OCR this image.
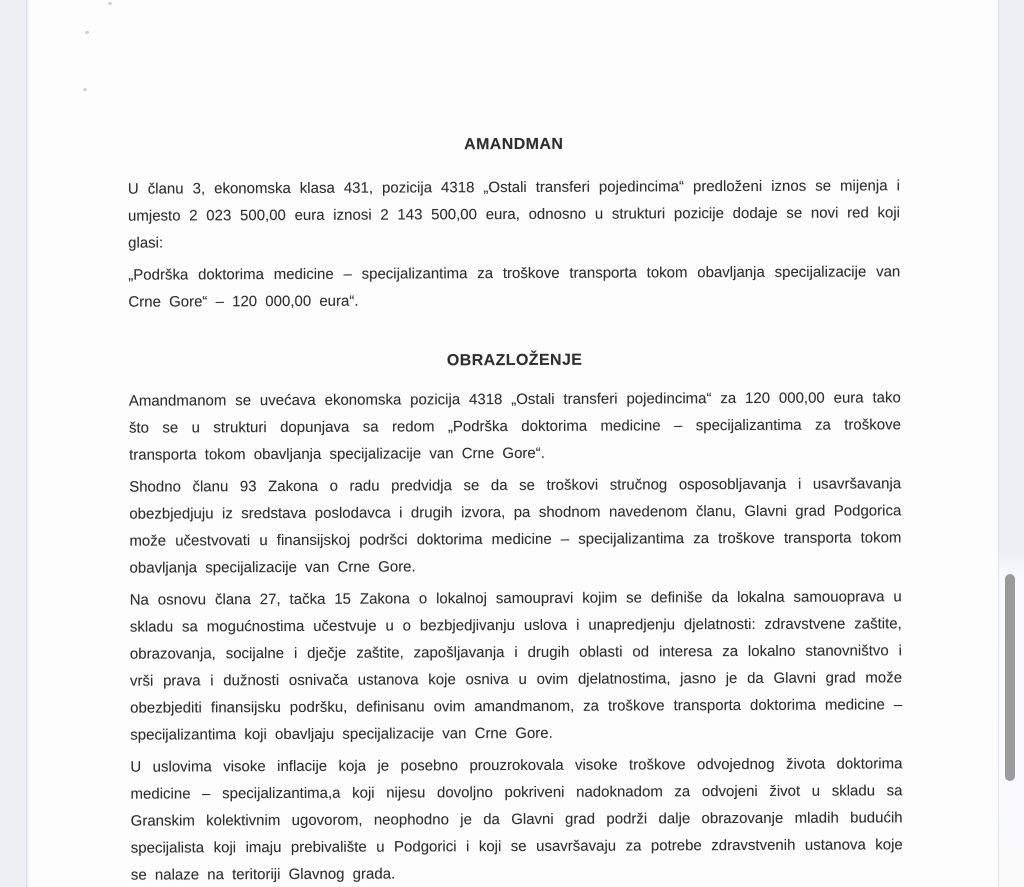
AMANDMAN

U članu 3, ekonomska klasa 431, pozicija 4318 „Ostali transferi pojedincima“ predloženi iznos se mijenja i umjesto 2 023 500,00 eura iznosi 2 143 500,00 eura, odnosno u strukturi pozicije dodaje se novi red koji glasi:

„Podrška doktorima medicine – specijalizantima za troškove transporta tokom obavljanja specijalizacije van Crne Gore“ – 120 000,00 eura“.

OBRAZLOŽENJE

Amandmanom se uvećava ekonomska pozicija 4318 „Ostali transferi pojedincima“ za 120 000,00 eura tako što se u strukturi dopunjava sa redom „Podrška doktorima medicine – specijalizantima za troškove transporta tokom obavljanja specijalizacije van Crne Gore“.

Shodno članu 93 Zakona o radu predvidja se da se troškovi stručnog osposobljavanja i usavršavanja obezbjedjuju iz sredstava poslodavca i drugih izvora, pa shodnom navedenom članu, Glavni grad Podgorica može učestvovati u finansijskoj podršci doktorima medicine – specijalizantima za troškove transporta tokom obavljanja specijalizacije van Crne Gore.

Na osnovu člana 27, tačka 15 Zakona o lokalnoj samoupravi kojim se definiše da lokalna samouoprava u skladu sa mogućnostima učestvuje u o bezbjedjivanju uslova i unapredjenju djelatnosti: zdravstvene zaštite, obrazovanja, socijalne i dječje zaštite, zapošljavanja i drugih oblasti od interesa za lokalno stanovništvo i vrši prava i dužnosti osnivača ustanova koje osniva u ovim djelatnostima, jasno je da Glavni grad može obezbjediti finansijsku podršku, definisanu ovim amandmanom, za troškove transporta doktorima medicine – specijalizantima koji obavljaju specijalizacije van Crne Gore.

U uslovima visoke inflacije koja je posebno prouzrokovala visoke troškove odvojednog života doktorima medicine – specijalizantima,a koji nijesu dovoljno pokriveni nadoknadom za odvojeni život u skladu sa Granskim kolektivnim ugovorom, neophodno je da Glavni grad podrži dalje obrazovanje mladih budućih specijalista koji imaju prebivalište u Podgorici i koji se usavršavaju za potrebe zdravstvenih ustanova koje se nalaze na teritoriji Glavnog grada.
